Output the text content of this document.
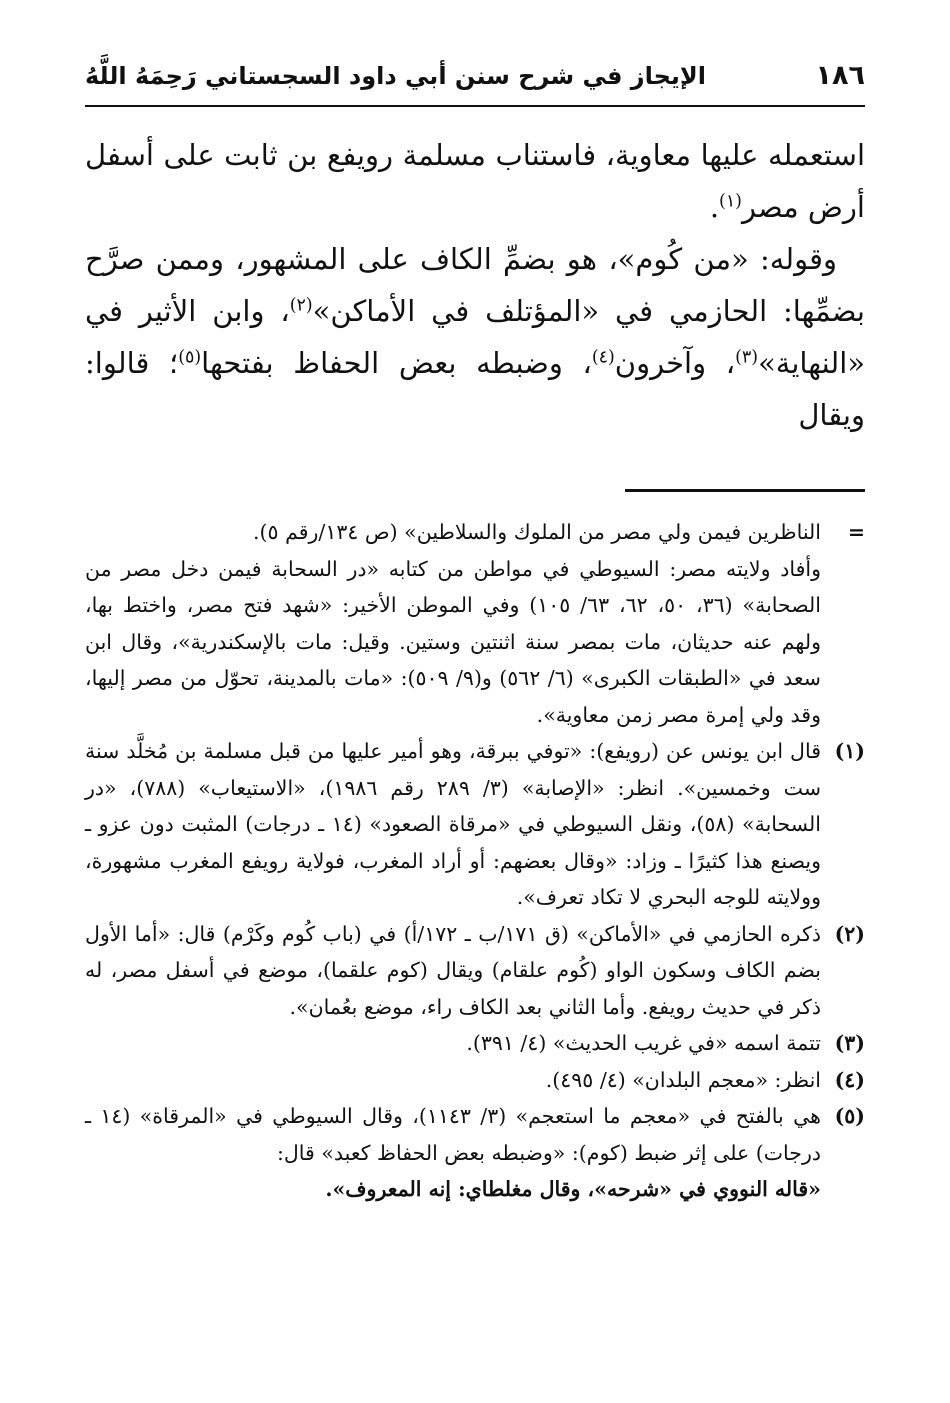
١٨٦
الإيجاز في شرح سنن أبي داود السجستاني رَحِمَهُ اللَّهُ

استعمله عليها معاوية، فاستناب مسلمة رويفع بن ثابت على أسفل أرض مصر$^{(١)}$.

وقوله: «من كُوم»، هو بضمِّ الكاف على المشهور، وممن صرَّح بضمِّها: الحازمي في «المؤتلف في الأماكن»$^{(٢)}$، وابن الأثير في «النهاية»$^{(٣)}$، وآخرون$^{(٤)}$، وضبطه بعض الحفاظ بفتحها$^{(٥)}$؛ قالوا: ويقال

=

الناظرين فيمن ولي مصر من الملوك والسلاطين» (ص ١٣٤/رقم ٥).

وأفاد ولايته مصر: السيوطي في مواطن من كتابه «در السحابة فيمن دخل مصر من الصحابة» (٣٦، ٥٠، ٦٢، ٦٣/ ١٠٥) وفي الموطن الأخير: «شهد فتح مصر، واختط بها، ولهم عنه حديثان، مات بمصر سنة اثنتين وستين. وقيل: مات بالإسكندرية»، وقال ابن سعد في «الطبقات الكبرى» (٦/ ٥٦٢) و(٩/ ٥٠٩): «مات بالمدينة، تحوّل من مصر إليها، وقد ولي إمرة مصر زمن معاوية».

(١)
قال ابن يونس عن (رويفع): «توفي ببرقة، وهو أمير عليها من قبل مسلمة بن مُخلَّد سنة ست وخمسين». انظر: «الإصابة» (٣/ ٢٨٩ رقم ١٩٨٦)، «الاستيعاب» (٧٨٨)، «در السحابة» (٥٨)، ونقل السيوطي في «مرقاة الصعود» (١٤ ـ درجات) المثبت دون عزو ـ ويصنع هذا كثيرًا ـ وزاد: «وقال بعضهم: أو أراد المغرب، فولاية رويفع المغرب مشهورة، وولايته للوجه البحري لا تكاد تعرف».
(٢)
ذكره الحازمي في «الأماكن» (ق ١٧١/ب ـ ١٧٢/أ) في (باب كُوم وكَرْم) قال: «أما الأول بضم الكاف وسكون الواو (كُوم علقام) ويقال (كوم علقما)، موضع في أسفل مصر، له ذكر في حديث رويفع. وأما الثاني بعد الكاف راء، موضع بعُمان».
(٣)
تتمة اسمه «في غريب الحديث» (٤/ ٣٩١).
(٤)
انظر: «معجم البلدان» (٤/ ٤٩٥).
(٥)

هي بالفتح في «معجم ما استعجم» (٣/ ١١٤٣)، وقال السيوطي في «المرقاة» (١٤ ـ درجات) على إثر ضبط (كوم): «وضبطه بعض الحفاظ كعبد» قال:

«قاله النووي في «شرحه»، وقال مغلطاي: إنه المعروف».
